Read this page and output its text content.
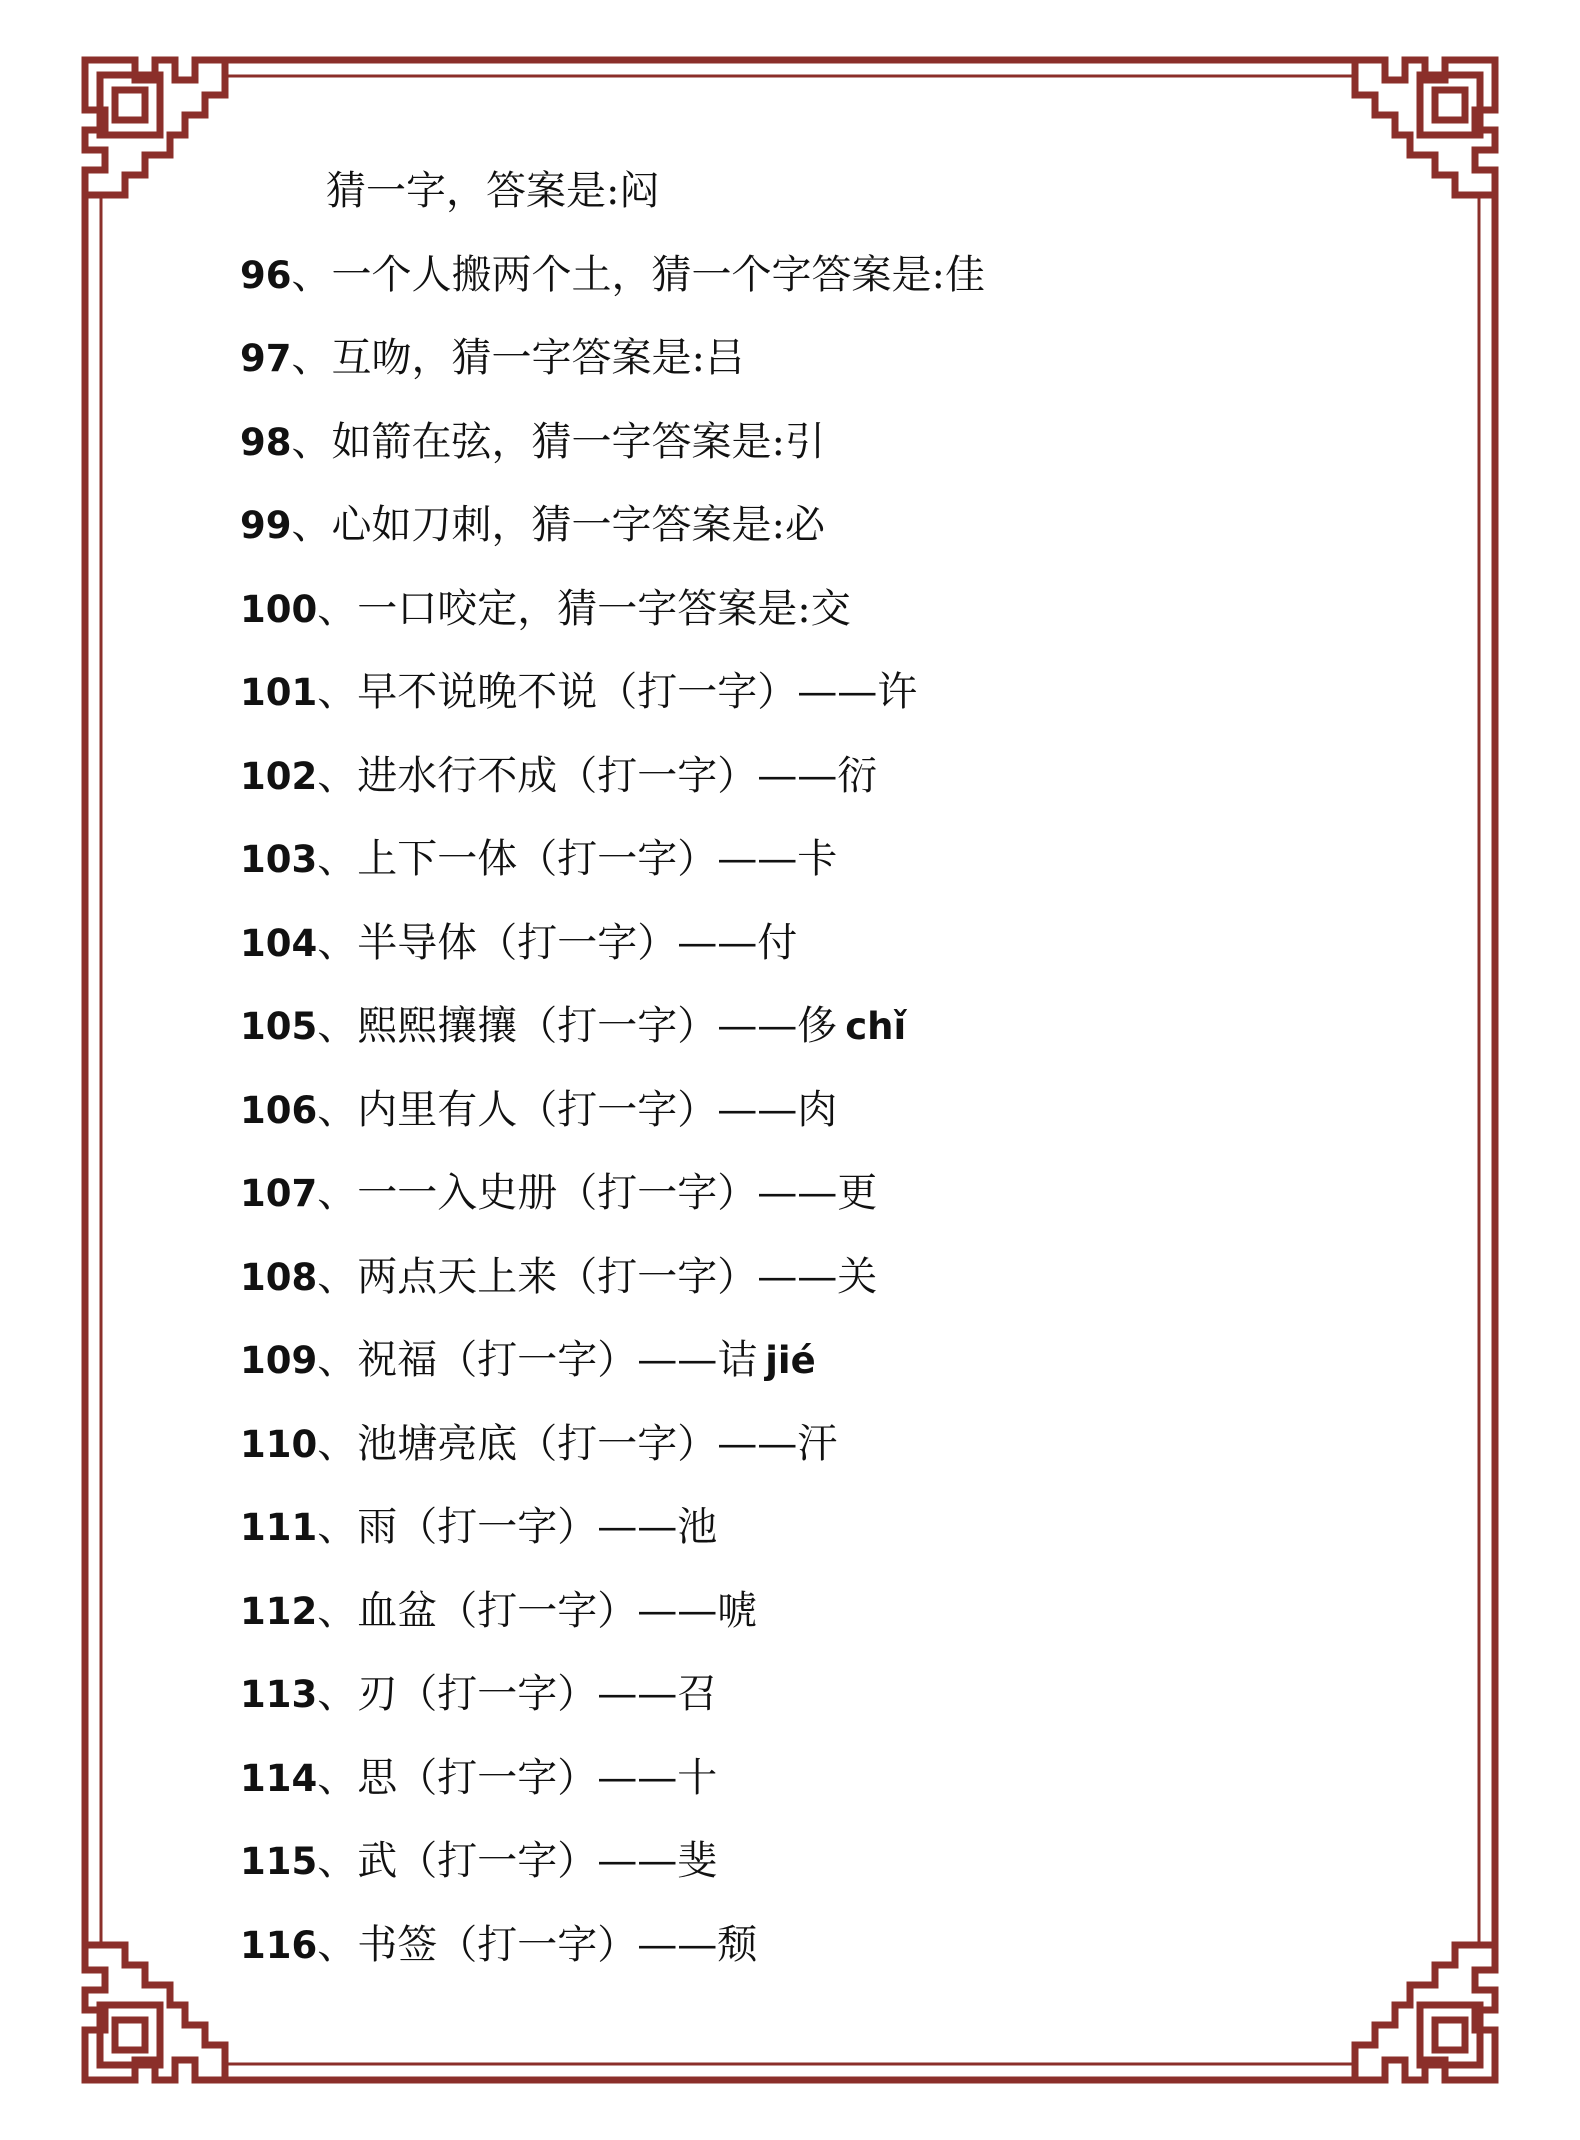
猜一字，答案是:闷
96、一个人搬两个土，猜一个字答案是:佳
97、互吻，猜一字答案是:吕
98、如箭在弦，猜一字答案是:引
99、心如刀刺，猜一字答案是:必
100、一口咬定，猜一字答案是:交
101、早不说晚不说（打一字）——许
102、进水行不成（打一字）——衍
103、上下一体（打一字）——卡
104、半导体（打一字）——付
105、熙熙攘攘（打一字）——侈 chǐ
106、内里有人（打一字）——肉
107、一一入史册（打一字）——更
108、两点天上来（打一字）——关
109、祝福（打一字）——诘 jié
110、池塘亮底（打一字）——汗
111、雨（打一字）——池
112、血盆（打一字）——唬
113、刃（打一字）——召
114、思（打一字）——十
115、武（打一字）——斐
116、书签（打一字）——颓
